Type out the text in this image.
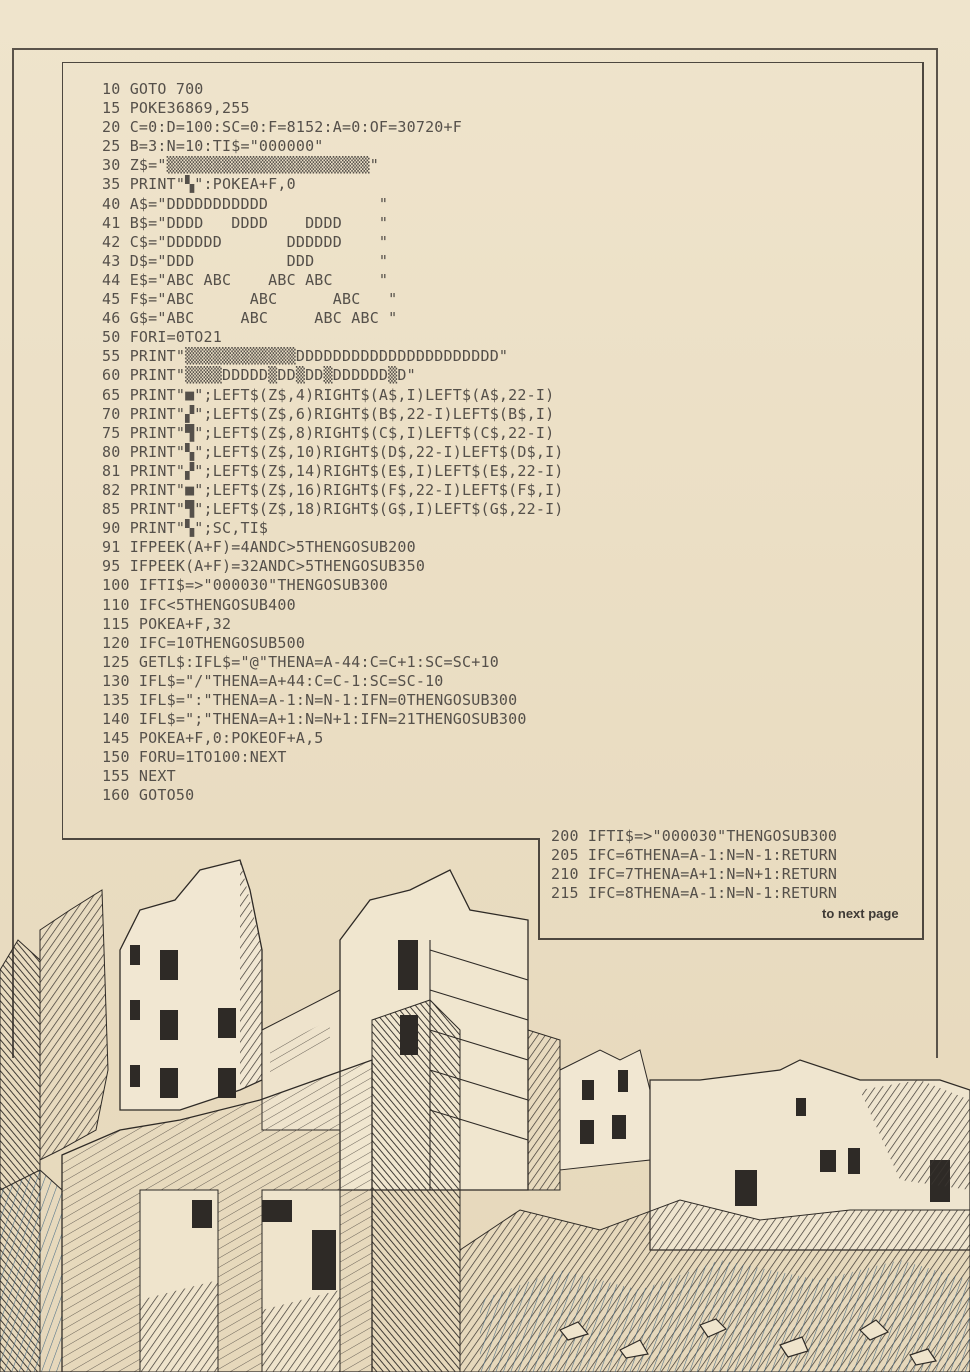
10 GOTO 700
15 POKE36869,255
20 C=0:D=100:SC=0:F=8152:A=0:OF=30720+F
25 B=3:N=10:TI$="000000"
30 Z$="▒▒▒▒▒▒▒▒▒▒▒▒▒▒▒▒▒▒▒▒▒▒"
35 PRINT"▚":POKEA+F,0
40 A$="DDDDDDDDDDD            "
41 B$="DDDD   DDDD    DDDD    "
42 C$="DDDDDD       DDDDDD    "
43 D$="DDD          DDD       "
44 E$="ABC ABC    ABC ABC     "
45 F$="ABC      ABC      ABC   "
46 G$="ABC     ABC     ABC ABC "
50 FORI=0TO21
55 PRINT"▒▒▒▒▒▒▒▒▒▒▒▒DDDDDDDDDDDDDDDDDDDDDD"
60 PRINT"▒▒▒▒DDDDD▒DD▒DD▒DDDDDD▒D"
65 PRINT"■";LEFT$(Z$,4)RIGHT$(A$,I)LEFT$(A$,22-I)
70 PRINT"▞";LEFT$(Z$,6)RIGHT$(B$,22-I)LEFT$(B$,I)
75 PRINT"▜";LEFT$(Z$,8)RIGHT$(C$,I)LEFT$(C$,22-I)
80 PRINT"▚";LEFT$(Z$,10)RIGHT$(D$,22-I)LEFT$(D$,I)
81 PRINT"▞";LEFT$(Z$,14)RIGHT$(E$,I)LEFT$(E$,22-I)
82 PRINT"■";LEFT$(Z$,16)RIGHT$(F$,22-I)LEFT$(F$,I)
85 PRINT"▜";LEFT$(Z$,18)RIGHT$(G$,I)LEFT$(G$,22-I)
90 PRINT"▚";SC,TI$
91 IFPEEK(A+F)=4ANDC>5THENGOSUB200
95 IFPEEK(A+F)=32ANDC>5THENGOSUB350
100 IFTI$=>"000030"THENGOSUB300
110 IFC<5THENGOSUB400
115 POKEA+F,32
120 IFC=10THENGOSUB500
125 GETL$:IFL$="@"THENA=A-44:C=C+1:SC=SC+10
130 IFL$="/"THENA=A+44:C=C-1:SC=SC-10
135 IFL$=":"THENA=A-1:N=N-1:IFN=0THENGOSUB300
140 IFL$=";"THENA=A+1:N=N+1:IFN=21THENGOSUB300
145 POKEA+F,0:POKEOF+A,5
150 FORU=1TO100:NEXT
155 NEXT
160 GOTO50
200 IFTI$=>"000030"THENGOSUB300
205 IFC=6THENA=A-1:N=N-1:RETURN
210 IFC=7THENA=A+1:N=N+1:RETURN
215 IFC=8THENA=A-1:N=N-1:RETURN
to next page
